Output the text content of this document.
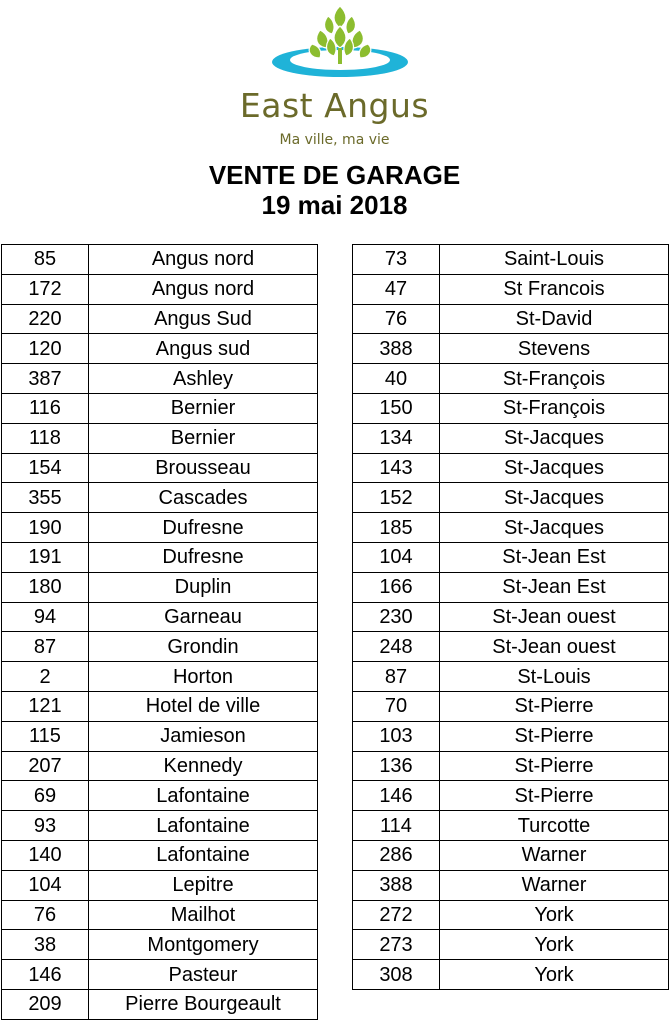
East Angus
Ma ville, ma vie
VENTE DE GARAGE
19 mai 2018
85	Angus nord
172	Angus nord
220	Angus Sud
120	Angus sud
387	Ashley
116	Bernier
118	Bernier
154	Brousseau
355	Cascades
190	Dufresne
191	Dufresne
180	Duplin
94	Garneau
87	Grondin
2	Horton
121	Hotel de ville
115	Jamieson
207	Kennedy
69	Lafontaine
93	Lafontaine
140	Lafontaine
104	Lepitre
76	Mailhot
38	Montgomery
146	Pasteur
209	Pierre Bourgeault
73	Saint-Louis
47	St Francois
76	St-David
388	Stevens
40	St-François
150	St-François
134	St-Jacques
143	St-Jacques
152	St-Jacques
185	St-Jacques
104	St-Jean Est
166	St-Jean Est
230	St-Jean ouest
248	St-Jean ouest
87	St-Louis
70	St-Pierre
103	St-Pierre
136	St-Pierre
146	St-Pierre
114	Turcotte
286	Warner
388	Warner
272	York
273	York
308	York
